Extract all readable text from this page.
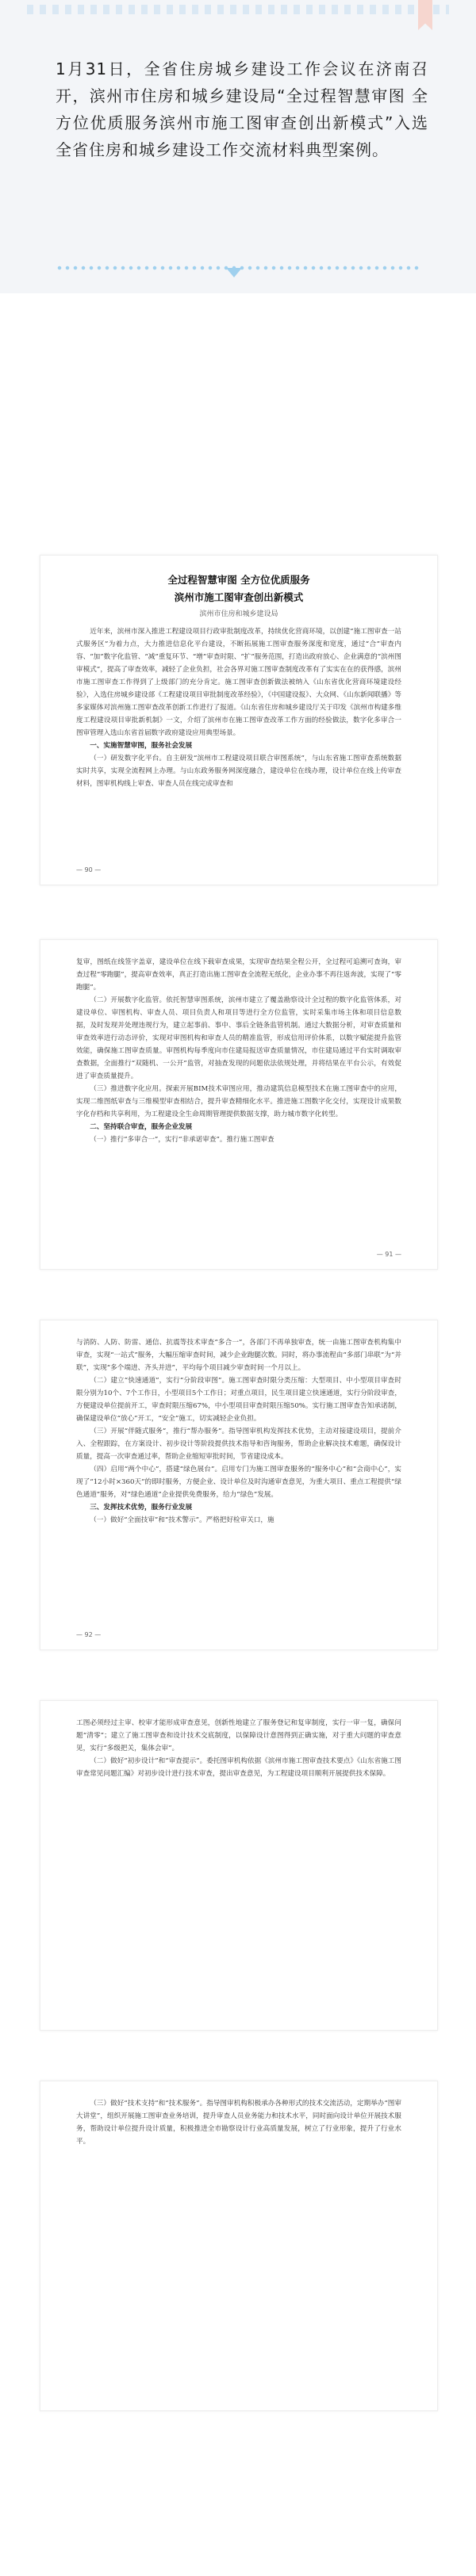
1月31日，全省住房城乡建设工作会议在济南召开，滨州市住房和城乡建设局“全过程智慧审图 全方位优质服务滨州市施工图审查创出新模式”入选全省住房和城乡建设工作交流材料典型案例。

全过程智慧审图 全方位优质服务

滨州市施工图审查创出新模式

滨州市住房和城乡建设局

近年来，滨州市深入推进工程建设项目行政审批制度改革，持续优化营商环境，以创建“施工图审查一站式服务区”为着力点，大力推进信息化平台建设，不断拓展施工图审查服务深度和宽度，通过“合”审查内容、“加”数字化监管、“减”重复环节、“增”审查时限、“扩”服务范围，打造出政府放心、企业满意的“滨州图审模式”，提高了审查效率，减轻了企业负担，社会各界对施工图审查制度改革有了实实在在的获得感，滨州市施工图审查工作得到了上级部门的充分肯定。施工图审查创新做法被纳入《山东省优化营商环境建设经验》，入选住房城乡建设部《工程建设项目审批制度改革经验》，《中国建设报》、大众网、《山东新闻联播》等多家媒体对滨州施工图审查改革创新工作进行了报道。《山东省住房和城乡建设厅关于印发《滨州市构建多维度工程建设项目审批新机制》一文，介绍了滨州市在施工图审查改革工作方面的经验做法，数字化多审合一图审管理入选山东省首届数字政府建设应用典型场景。

一、实施智慧审图，服务社会发展

（一）研发数字化平台。自主研发“滨州市工程建设项目联合审图系统”，与山东省施工图审查系统数据实时共享，实现全流程网上办理。与山东政务服务网深度融合，建设单位在线办理，设计单位在线上传审查材料，图审机构线上审查、审查人员在线完成审查和

— 90 —

复审，图纸在线签字盖章，建设单位在线下载审查成果，实现审查结果全程公开，全过程可追溯可查询，审查过程“零跑腿”，提高审查效率，真正打造出施工图审查全流程无纸化，企业办事不再往返奔波，实现了“零跑腿”。

（二）开展数字化监管。依托智慧审图系统，滨州市建立了覆盖勘察设计全过程的数字化监管体系，对建设单位、审图机构、审查人员、项目负责人和项目等进行全方位监管，实时采集市场主体和项目信息数据，及时发现并处理违规行为，建立起事前、事中、事后全链条监管机制。通过大数据分析，对审查质量和审查效率进行动态评价，实现对审图机构和审查人员的精准监管，形成信用评价体系，以数字赋能提升监管效能，确保施工图审查质量。审图机构每季度向市住建局报送审查质量情况，市住建局通过平台实时调取审查数据，全面推行“双随机、一公开”监管，对抽查发现的问题依法依规处理，并将结果在平台公示，有效促进了审查质量提升。

（三）推进数字化应用。探索开展BIM技术审图应用，推动建筑信息模型技术在施工图审查中的应用，实现二维图纸审查与三维模型审查相结合，提升审查精细化水平。推进施工图数字化交付，实现设计成果数字化存档和共享利用，为工程建设全生命周期管理提供数据支撑，助力城市数字化转型。

二、坚持联合审查，服务企业发展

（一）推行“多审合一”，实行“非承诺审查”。推行施工图审查

— 91 —

与消防、人防、防雷、通信、抗震等技术审查“多合一”，各部门不再单独审查，统一由施工图审查机构集中审查，实现“一站式”服务，大幅压缩审查时间，减少企业跑腿次数。同时，将办事流程由“多部门串联”为“并联”，实现“多个端进、齐头并进”，平均每个项目减少审查时间一个月以上。

（二）建立“快速通道”，实行“分阶段审图”。施工图审查时限分类压缩：大型项目、中小型项目审查时限分别为10个、7个工作日，小型项目5个工作日；对重点项目，民生项目建立快速通道，实行分阶段审查，方便建设单位提前开工，审查时限压缩67%，中小型项目审查时限压缩50%。实行施工图审查告知承诺制，确保建设单位“放心”开工，“安全”施工，切实减轻企业负担。

（三）开展“伴随式服务”，推行“帮办服务”。指导图审机构发挥技术优势，主动对接建设项目，提前介入、全程跟踪，在方案设计、初步设计等阶段提供技术指导和咨询服务，帮助企业解决技术难题，确保设计质量，提高一次审查通过率，帮助企业缩短审批时间，节省建设成本。

（四）启用“两个中心”，搭建“绿色展台”。启用专门为施工图审查服务的“服务中心”和“会商中心”，实现了“12小时×360天”的即时服务，方便企业、设计单位及时沟通审查意见，为重大项目、重点工程提供“绿色通道”服务，对“绿色通道”企业提供免费服务，给力“绿色”发展。

三、发挥技术优势，服务行业发展

（一）做好“全面技审”和“技术警示”。严格把好检审关口，施

— 92 —

工图必须经过主审、校审才能形成审查意见，创新性地建立了服务登记和复审制度，实行一审一复，确保问题“清零”；建立了施工图审查和设计技术交底制度，以保障设计意图得到正确实施，对于重大问题的审查意见，实行“多级把关，集体会审”。

（二）做好“初步设计”和“审查提示”。委托图审机构依据《滨州市施工图审查技术要点》《山东省施工图审查常见问题汇编》对初步设计进行技术审查，提出审查意见，为工程建设项目顺利开展提供技术保障。

（三）做好“技术支持”和“技术服务”。指导图审机构积极承办各种形式的技术交流活动，定期举办“图审大讲堂”，组织开展施工图审查业务培训，提升审查人员业务能力和技术水平，同时面向设计单位开展技术服务，帮助设计单位提升设计质量，积极推进全市勘察设计行业高质量发展，树立了行业形象，提升了行业水平。
